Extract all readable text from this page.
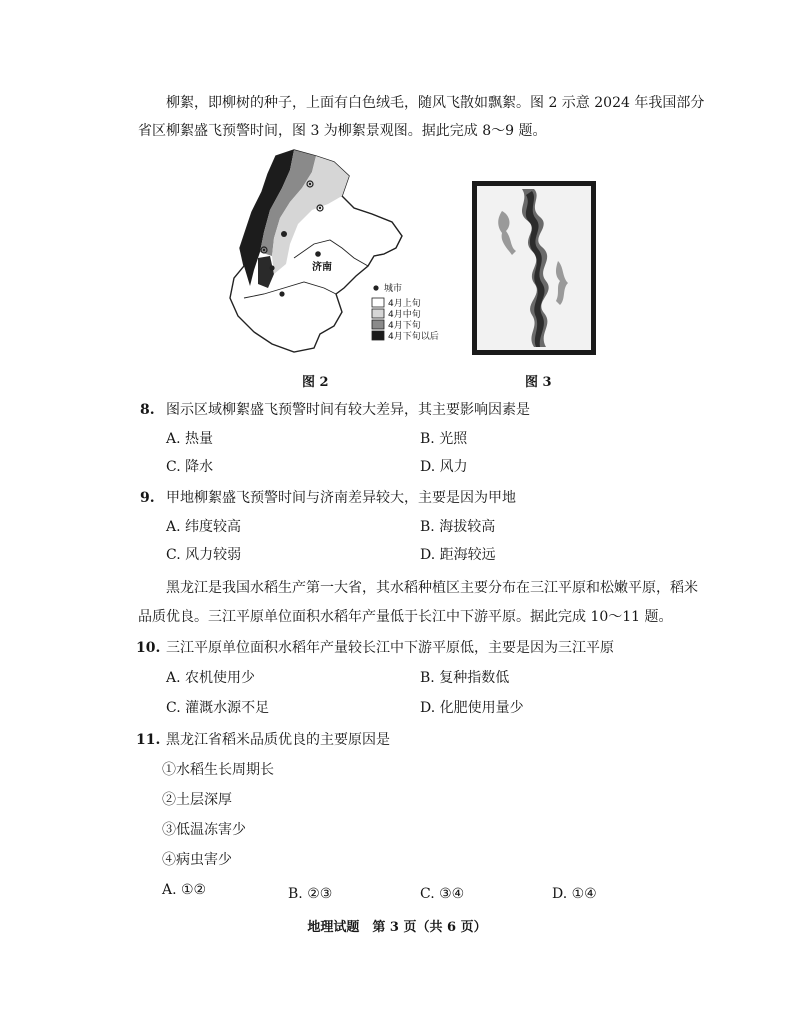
柳絮，即柳树的种子，上面有白色绒毛，随风飞散如飘絮。图 2 示意 2024 年我国部分
省区柳絮盛飞预警时间，图 3 为柳絮景观图。据此完成 8～9 题。
济南
城市
4月上旬
4月中旬
4月下旬
4月下旬以后
图 2	图 3
8. 图示区域柳絮盛飞预警时间有较大差异，其主要影响因素是
A. 热量	B. 光照
C. 降水	D. 风力
9. 甲地柳絮盛飞预警时间与济南差异较大，主要是因为甲地
A. 纬度较高	B. 海拔较高
C. 风力较弱	D. 距海较远
黑龙江是我国水稻生产第一大省，其水稻种植区主要分布在三江平原和松嫩平原，稻米
品质优良。三江平原单位面积水稻年产量低于长江中下游平原。据此完成 10～11 题。
10. 三江平原单位面积水稻年产量较长江中下游平原低，主要是因为三江平原
A. 农机使用少	B. 复种指数低
C. 灌溉水源不足	D. 化肥使用量少
11. 黑龙江省稻米品质优良的主要原因是
①水稻生长周期长
②土层深厚
③低温冻害少
④病虫害少
A. ①②	B. ②③	C. ③④	D. ①④
地理试题　第 3 页（共 6 页）
